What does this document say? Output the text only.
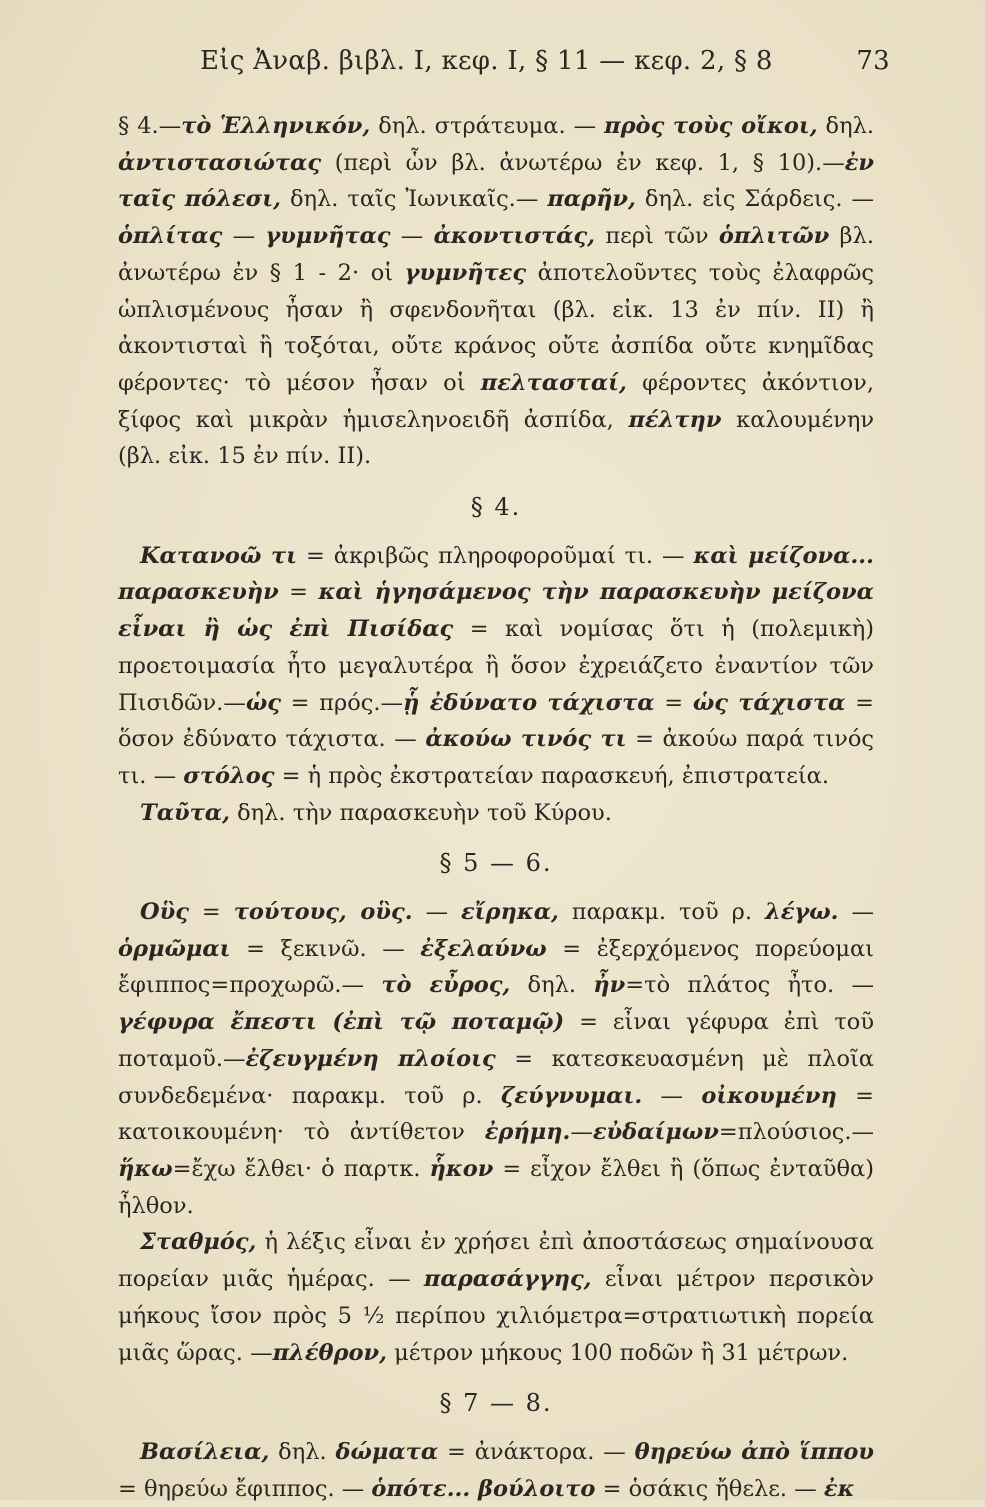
Εἰς Ἀναβ. βιβλ. Ι, κεφ. Ι, § 11 — κεφ. 2, § 8	73

§ 4.—τὸ Ἑλληνικόν, δηλ. στράτευμα. — πρὸς τοὺς οἴκοι, δηλ. ἀντιστασιώτας (περὶ ὧν βλ. ἀνωτέρω ἐν κεφ. 1, § 10).—ἐν ταῖς πόλεσι, δηλ. ταῖς Ἰωνικαῖς.— παρῆν, δηλ. εἰς Σάρδεις. — ὁπλίτας — γυμνῆτας — ἀκοντιστάς, περὶ τῶν ὁπλιτῶν βλ. ἀνωτέρω ἐν § 1 - 2· οἱ γυμνῆτες ἀποτελοῦντες τοὺς ἐλαφρῶς ὡπλισμένους ἦσαν ἢ σφενδονῆται (βλ. εἰκ. 13 ἐν πίν. II) ἢ ἀκοντισταὶ ἢ τοξόται, οὔτε κράνος οὔτε ἀσπίδα οὔτε κνημῖδας φέροντες· τὸ μέσον ἦσαν οἱ πελτασταί, φέροντες ἀκόντιον, ξίφος καὶ μικρὰν ἡμισεληνοειδῆ ἀσπίδα, πέλτην καλουμένην (βλ. εἰκ. 15 ἐν πίν. II).

§ 4.

Κατανοῶ τι = ἀκριβῶς πληροφοροῦμαί τι. — καὶ μείζονα... παρασκευὴν = καὶ ἡγησάμενος τὴν παρασκευὴν μείζονα εἶναι ἢ ὡς ἐπὶ Πισίδας = καὶ νομίσας ὅτι ἡ (πολεμικὴ) προετοιμασία ἦτο μεγαλυτέρα ἢ ὅσον ἐχρειάζετο ἐναντίον τῶν Πισιδῶν.—ὡς = πρός.—ᾗ ἐδύνατο τάχιστα = ὡς τάχιστα = ὅσον ἐδύνατο τάχιστα. — ἀκούω τινός τι = ἀκούω παρά τινός τι. — στόλος = ἡ πρὸς ἐκστρατείαν παρασκευή, ἐπιστρατεία.

Ταῦτα, δηλ. τὴν παρασκευὴν τοῦ Κύρου.

§ 5 — 6.

Οὓς = τούτους, οὓς. — εἴρηκα, παρακμ. τοῦ ρ. λέγω. — ὁρμῶμαι = ξεκινῶ. — ἐξελαύνω = ἐξερχόμενος πορεύομαι ἔφιππος=προχωρῶ.— τὸ εὖρος, δηλ. ἦν=τὸ πλάτος ἦτο. — γέφυρα ἔπεστι (ἐπὶ τῷ ποταμῷ) = εἶναι γέφυρα ἐπὶ τοῦ ποταμοῦ.—ἐζευγμένη πλοίοις = κατεσκευασμένη μὲ πλοῖα συνδεδεμένα· παρακμ. τοῦ ρ. ζεύγνυμαι. — οἰκουμένη = κατοικουμένη· τὸ ἀντίθετον ἐρήμη.—εὐδαίμων=πλούσιος.—ἥκω=ἔχω ἔλθει· ὁ παρτκ. ἧκον = εἶχον ἔλθει ἢ (ὅπως ἐνταῦθα) ἦλθον.

Σταθμός, ἡ λέξις εἶναι ἐν χρήσει ἐπὶ ἀποστάσεως σημαίνουσα πορείαν μιᾶς ἡμέρας. — παρασάγγης, εἶναι μέτρον περσικὸν μήκους ἴσον πρὸς 5 ½ περίπου χιλιόμετρα=στρατιωτικὴ πορεία μιᾶς ὥρας. —πλέθρον, μέτρον μήκους 100 ποδῶν ἢ 31 μέτρων.

§ 7 — 8.

Βασίλεια, δηλ. δώματα = ἀνάκτορα. — θηρεύω ἀπὸ ἵππου = θηρεύω ἔφιππος. — ὁπότε... βούλοιτο = ὁσάκις ἤθελε. — ἐκ
